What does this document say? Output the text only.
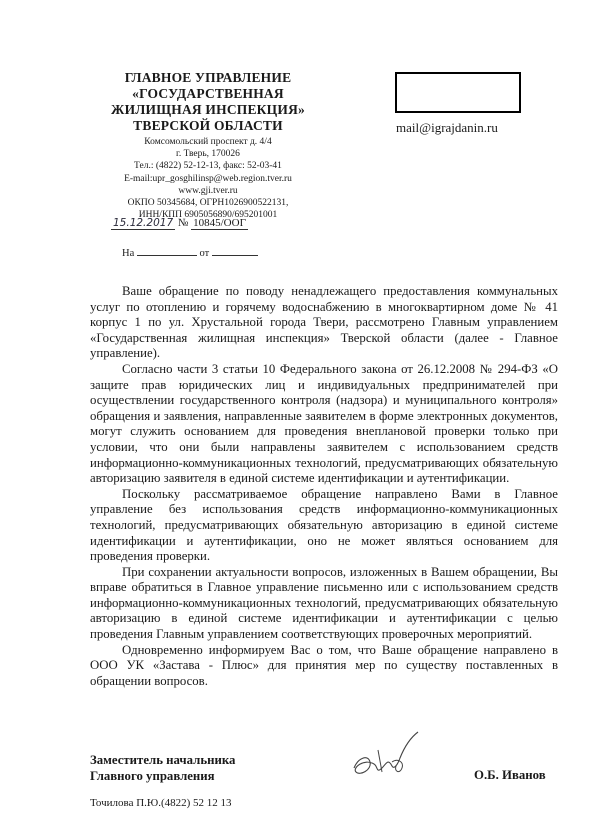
ГЛАВНОЕ УПРАВЛЕНИЕ
«ГОСУДАРСТВЕННАЯ
ЖИЛИЩНАЯ ИНСПЕКЦИЯ»
ТВЕРСКОЙ ОБЛАСТИ
Комсомольский проспект д. 4/4
г. Тверь, 170026
Тел.: (4822) 52-12-13, факс: 52-03-41
E-mail:upr_gosghilinsp@web.region.tver.ru
www.gji.tver.ru
ОКПО 50345684, ОГРН1026900522131,
ИНН/КПП 6905056890/695201001
15.12.2017 № 10845/ООГ
На	от
mail@igrajdanin.ru

Ваше обращение по поводу ненадлежащего предоставления коммунальных услуг по отоплению и горячему водоснабжению в многоквартирном доме № 41 корпус 1 по ул. Хрустальной города Твери, рассмотрено Главным управлением «Государственная жилищная инспекция» Тверской области (далее - Главное управление).

Согласно части 3 статьи 10 Федерального закона от 26.12.2008 № 294-ФЗ «О защите прав юридических лиц и индивидуальных предпринимателей при осуществлении государственного контроля (надзора) и муниципального контроля» обращения и заявления, направленные заявителем в форме электронных документов, могут служить основанием для проведения внеплановой проверки только при условии, что они были направлены заявителем с использованием средств информационно-коммуникационных технологий, предусматривающих обязательную авторизацию заявителя в единой системе идентификации и аутентификации.

Поскольку рассматриваемое обращение направлено Вами в Главное управление без использования средств информационно-коммуникационных технологий, предусматривающих обязательную авторизацию в единой системе идентификации и аутентификации, оно не может являться основанием для проведения проверки.

При сохранении актуальности вопросов, изложенных в Вашем обращении, Вы вправе обратиться в Главное управление письменно или с использованием средств информационно-коммуникационных технологий, предусматривающих обязательную авторизацию в единой системе идентификации и аутентификации с целью проведения Главным управлением соответствующих проверочных мероприятий.

Одновременно информируем Вас о том, что Ваше обращение направлено в ООО УК «Застава - Плюс» для принятия мер по существу поставленных в обращении вопросов.

Заместитель начальника
Главного управления	О.Б. Иванов
Точилова П.Ю.(4822) 52 12 13
